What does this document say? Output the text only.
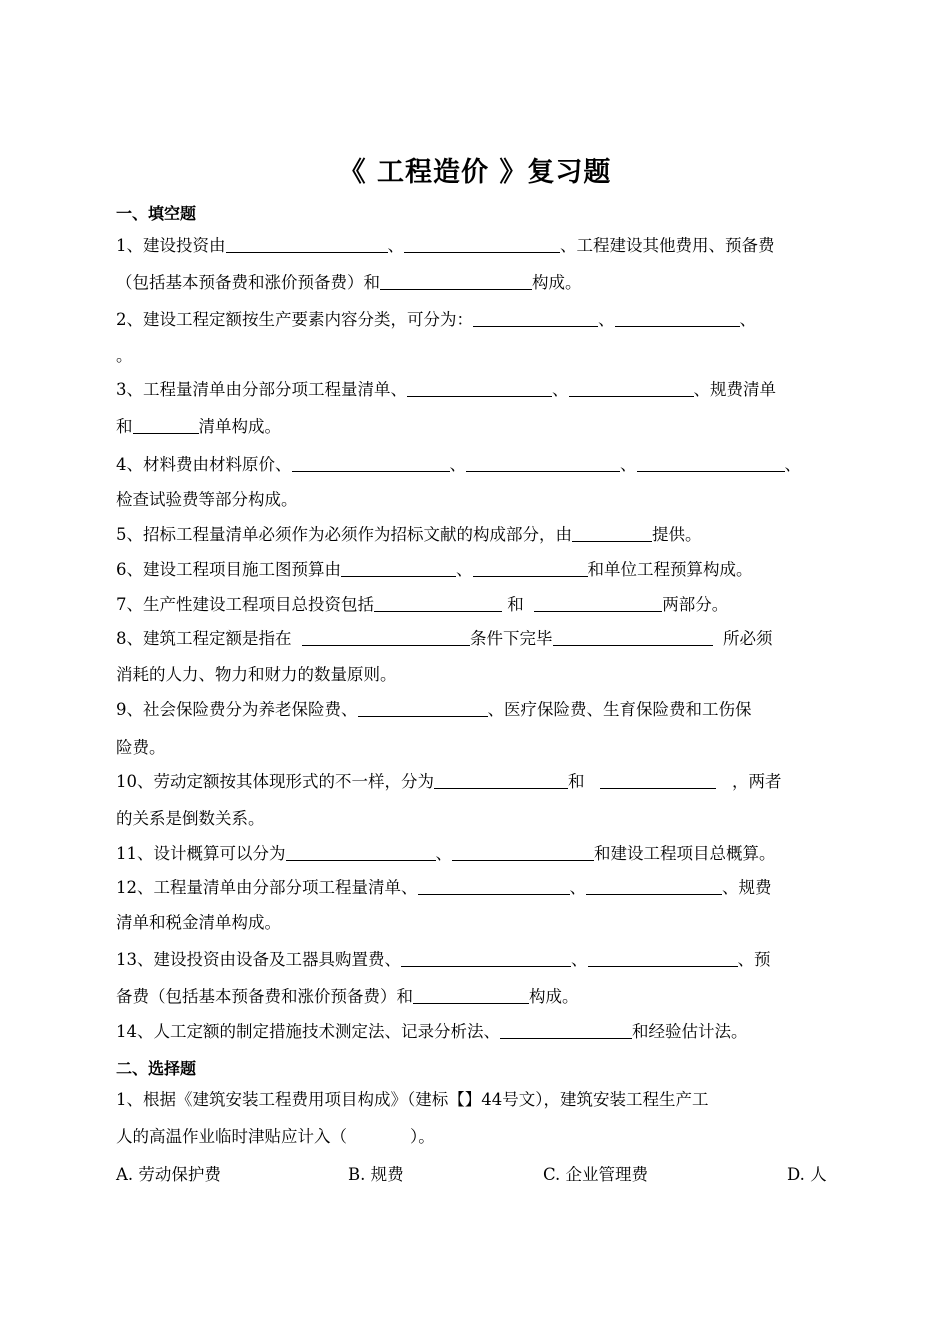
《 工程造价 》复习题
一、填空题
1、建设投资由	、	、工程建设其他费用、预备费
（包括基本预备费和涨价预备费）和	构成。
2、建设工程定额按生产要素内容分类，可分为：	、	、
。
3、工程量清单由分部分项工程量清单、	、	、规费清单
和	清单构成。
4、材料费由材料原价、	、	、	、
检查试验费等部分构成。
5、招标工程量清单必须作为必须作为招标文献的构成部分，由	提供。
6、建设工程项目施工图预算由	、	和单位工程预算构成。
7、生产性建设工程项目总投资包括	和	两部分。
8、建筑工程定额是指在	条件下完毕	所必须
消耗的人力、物力和财力的数量原则。
9、社会保险费分为养老保险费、	、医疗保险费、生育保险费和工伤保
险费。
10、劳动定额按其体现形式的不一样，分为	和	，两者
的关系是倒数关系。
11、设计概算可以分为	、	和建设工程项目总概算。
12、工程量清单由分部分项工程量清单、	、	、规费
清单和税金清单构成。
13、建设投资由设备及工器具购置费、	、	、预
备费（包括基本预备费和涨价预备费）和	构成。
14、人工定额的制定措施技术测定法、记录分析法、	和经验估计法。
二、选择题
1、根据《建筑安装工程费用项目构成》（建标【】44号文），建筑安装工程生产工
人的高温作业临时津贴应计入（	）。
A. 劳动保护费	B. 规费	C. 企业管理费	D. 人
